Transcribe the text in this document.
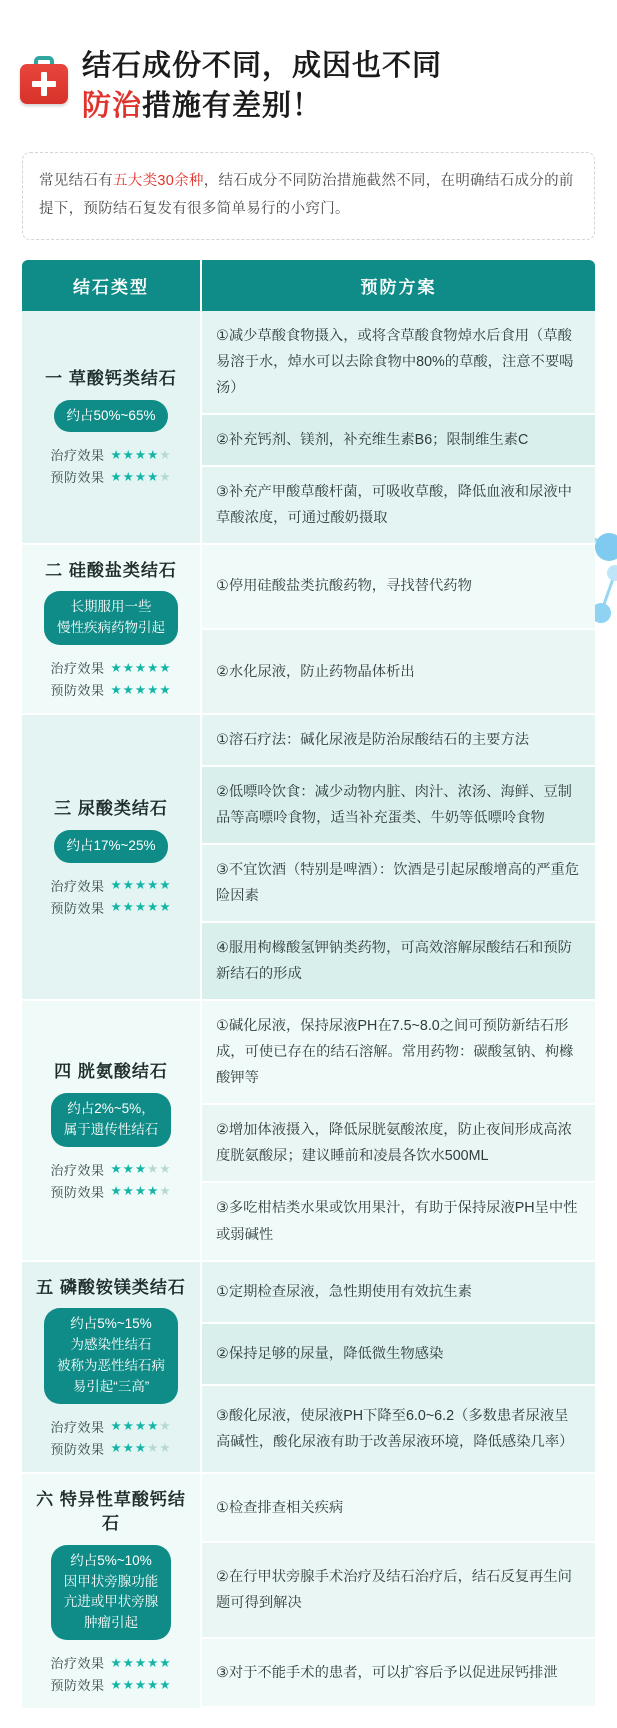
结石成份不同，成因也不同
防治措施有差别！
常见结石有五大类30余种，结石成分不同防治措施截然不同，在明确结石成分的前提下，预防结石复发有很多简单易行的小窍门。
结石类型	预防方案
一 草酸钙类结石
约占50%~65%
治疗效果 ★★★★★
预防效果 ★★★★★
①减少草酸食物摄入，或将含草酸食物焯水后食用（草酸易溶于水，焯水可以去除食物中80%的草酸，注意不要喝汤）
②补充钙剂、镁剂，补充维生素B6；限制维生素C
③补充产甲酸草酸杆菌，可吸收草酸，降低血液和尿液中草酸浓度，可通过酸奶摄取
二 硅酸盐类结石
长期服用一些
慢性疾病药物引起
治疗效果 ★★★★★
预防效果 ★★★★★
①停用硅酸盐类抗酸药物，寻找替代药物
②水化尿液，防止药物晶体析出
三 尿酸类结石
约占17%~25%
治疗效果 ★★★★★
预防效果 ★★★★★
①溶石疗法：碱化尿液是防治尿酸结石的主要方法
②低嘌呤饮食：减少动物内脏、肉汁、浓汤、海鲜、豆制品等高嘌呤食物，适当补充蛋类、牛奶等低嘌呤食物
③不宜饮酒（特别是啤酒）：饮酒是引起尿酸增高的严重危险因素
④服用枸橼酸氢钾钠类药物，可高效溶解尿酸结石和预防新结石的形成
四 胱氨酸结石
约占2%~5%，
属于遗传性结石
治疗效果 ★★★★★
预防效果 ★★★★★
①碱化尿液，保持尿液PH在7.5~8.0之间可预防新结石形成，可使已存在的结石溶解。常用药物：碳酸氢钠、枸橼酸钾等
②增加体液摄入，降低尿胱氨酸浓度，防止夜间形成高浓度胱氨酸尿；建议睡前和凌晨各饮水500ML
③多吃柑桔类水果或饮用果汁，有助于保持尿液PH呈中性或弱碱性
五 磷酸铵镁类结石
约占5%~15%
为感染性结石
被称为恶性结石病
易引起“三高”
治疗效果 ★★★★★
预防效果 ★★★★★
①定期检查尿液，急性期使用有效抗生素
②保持足够的尿量，降低微生物感染
③酸化尿液，使尿液PH下降至6.0~6.2（多数患者尿液呈高碱性，酸化尿液有助于改善尿液环境，降低感染几率）
六 特异性草酸钙结石
约占5%~10%
因甲状旁腺功能
亢进或甲状旁腺
肿瘤引起
治疗效果 ★★★★★
预防效果 ★★★★★
①检查排查相关疾病
②在行甲状旁腺手术治疗及结石治疗后，结石反复再生问题可得到解决
③对于不能手术的患者，可以扩容后予以促进尿钙排泄
